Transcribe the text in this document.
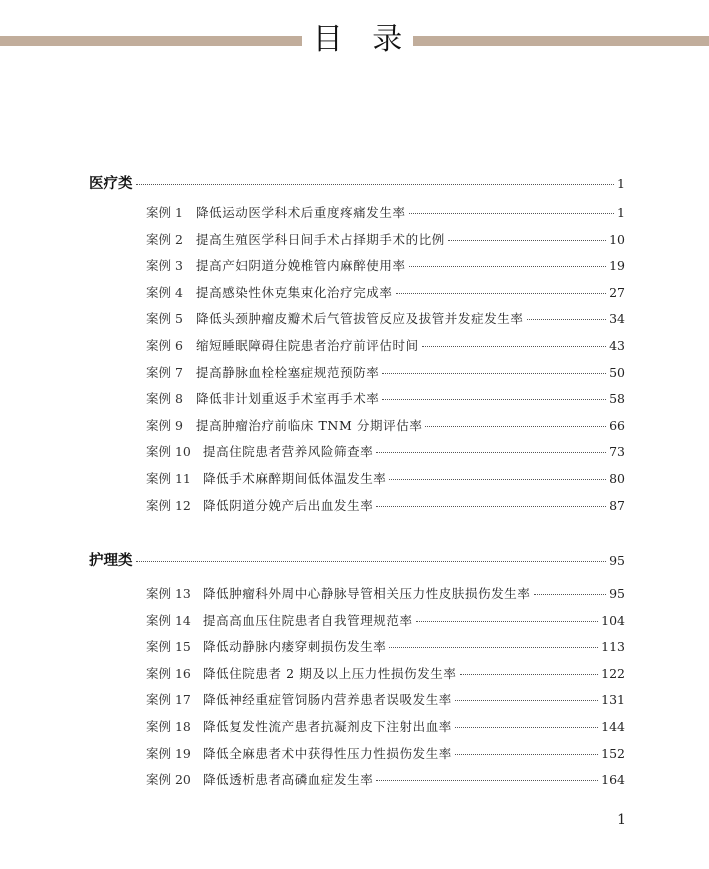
目 录
医疗类	1
案例 1	降低运动医学科术后重度疼痛发生率	1
案例 2	提高生殖医学科日间手术占择期手术的比例	10
案例 3	提高产妇阴道分娩椎管内麻醉使用率	19
案例 4	提高感染性休克集束化治疗完成率	27
案例 5	降低头颈肿瘤皮瓣术后气管拔管反应及拔管并发症发生率	34
案例 6	缩短睡眠障碍住院患者治疗前评估时间	43
案例 7	提高静脉血栓栓塞症规范预防率	50
案例 8	降低非计划重返手术室再手术率	58
案例 9	提高肿瘤治疗前临床 TNM 分期评估率	66
案例 10 提高住院患者营养风险筛查率	73
案例 11 降低手术麻醉期间低体温发生率	80
案例 12 降低阴道分娩产后出血发生率	87
护理类	95
案例 13 降低肿瘤科外周中心静脉导管相关压力性皮肤损伤发生率	95
案例 14 提高高血压住院患者自我管理规范率	104
案例 15 降低动静脉内瘘穿刺损伤发生率	113
案例 16 降低住院患者 2 期及以上压力性损伤发生率	122
案例 17 降低神经重症管饲肠内营养患者误吸发生率	131
案例 18 降低复发性流产患者抗凝剂皮下注射出血率	144
案例 19 降低全麻患者术中获得性压力性损伤发生率	152
案例 20 降低透析患者高磷血症发生率	164
1
